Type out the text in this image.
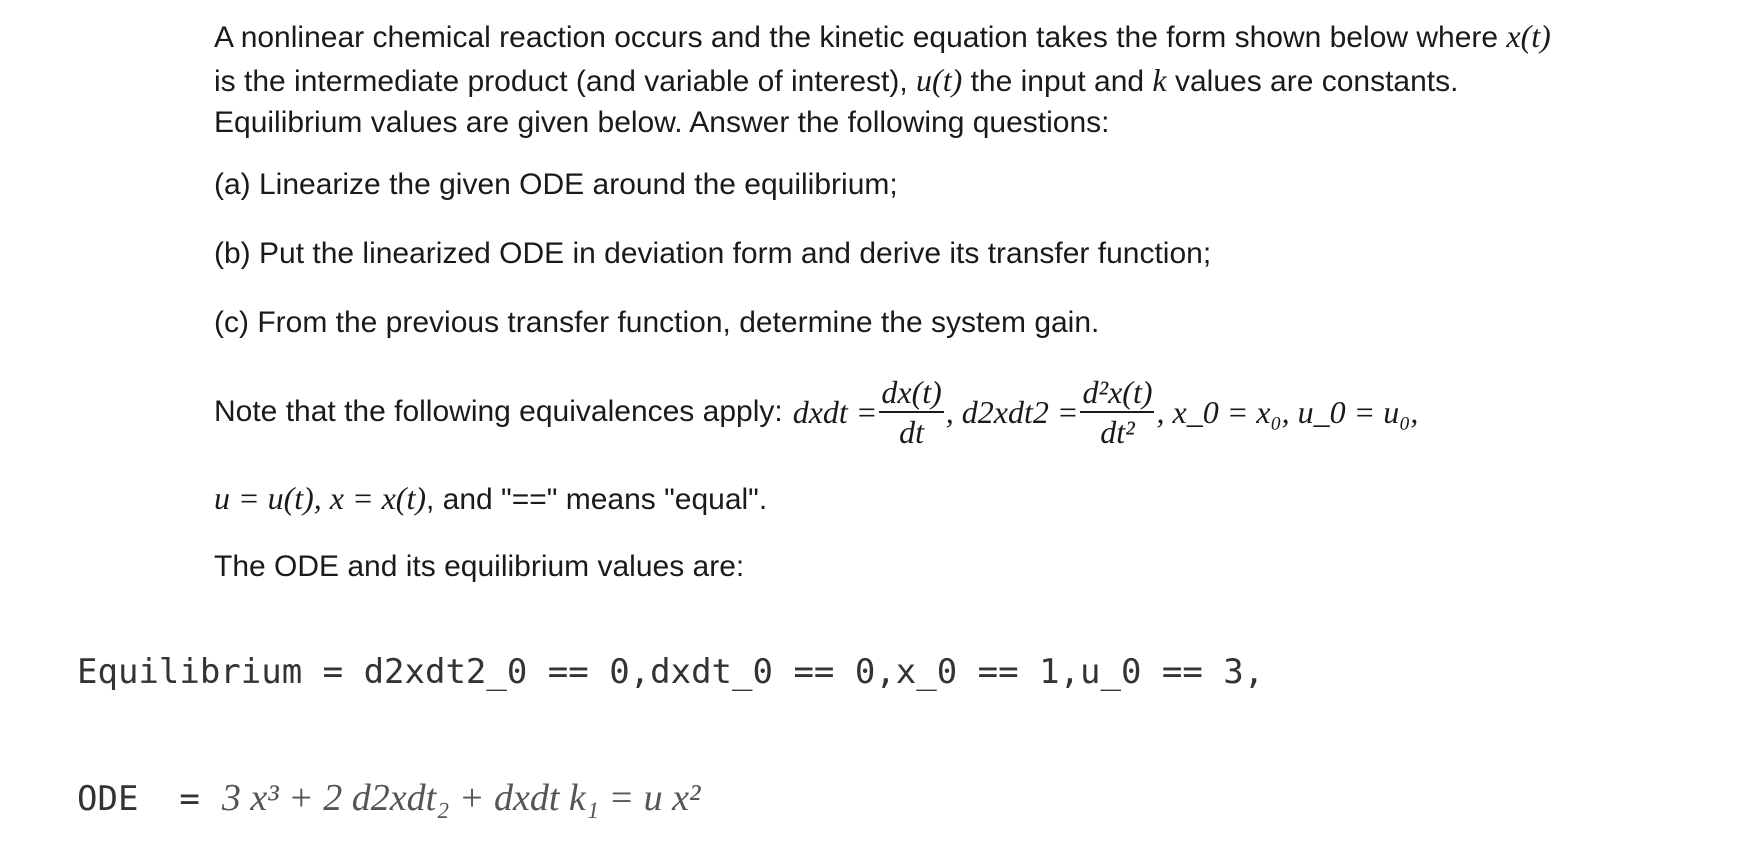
A nonlinear chemical reaction occurs and the kinetic equation takes the form shown below where x(t)
is the intermediate product (and variable of interest), u(t) the input and k values are constants.
Equilibrium values are given below. Answer the following questions:
(a) Linearize the given ODE around the equilibrium;
(b) Put the linearized ODE in deviation form and derive its transfer function;
(c) From the previous transfer function, determine the system gain.
Note that the following equivalences apply: dxdt = $\frac{dx(t)}{dt}$ , $d2xdt2 = \frac{\text{d²x(t)}}{\text{dt²}}$ , x_0 = x₀, u_0 = u₀,
u = u(t), x = x(t), and "==" means "equal".
The ODE and its equilibrium values are:
Equilibrium = d2xdt2_0 == 0,dxdt_0 == 0,x_0 == 1,u_0 == 3,
ODE  = 3 x³ + 2 d2xdt₂ + dxdt k₁ = u x²
